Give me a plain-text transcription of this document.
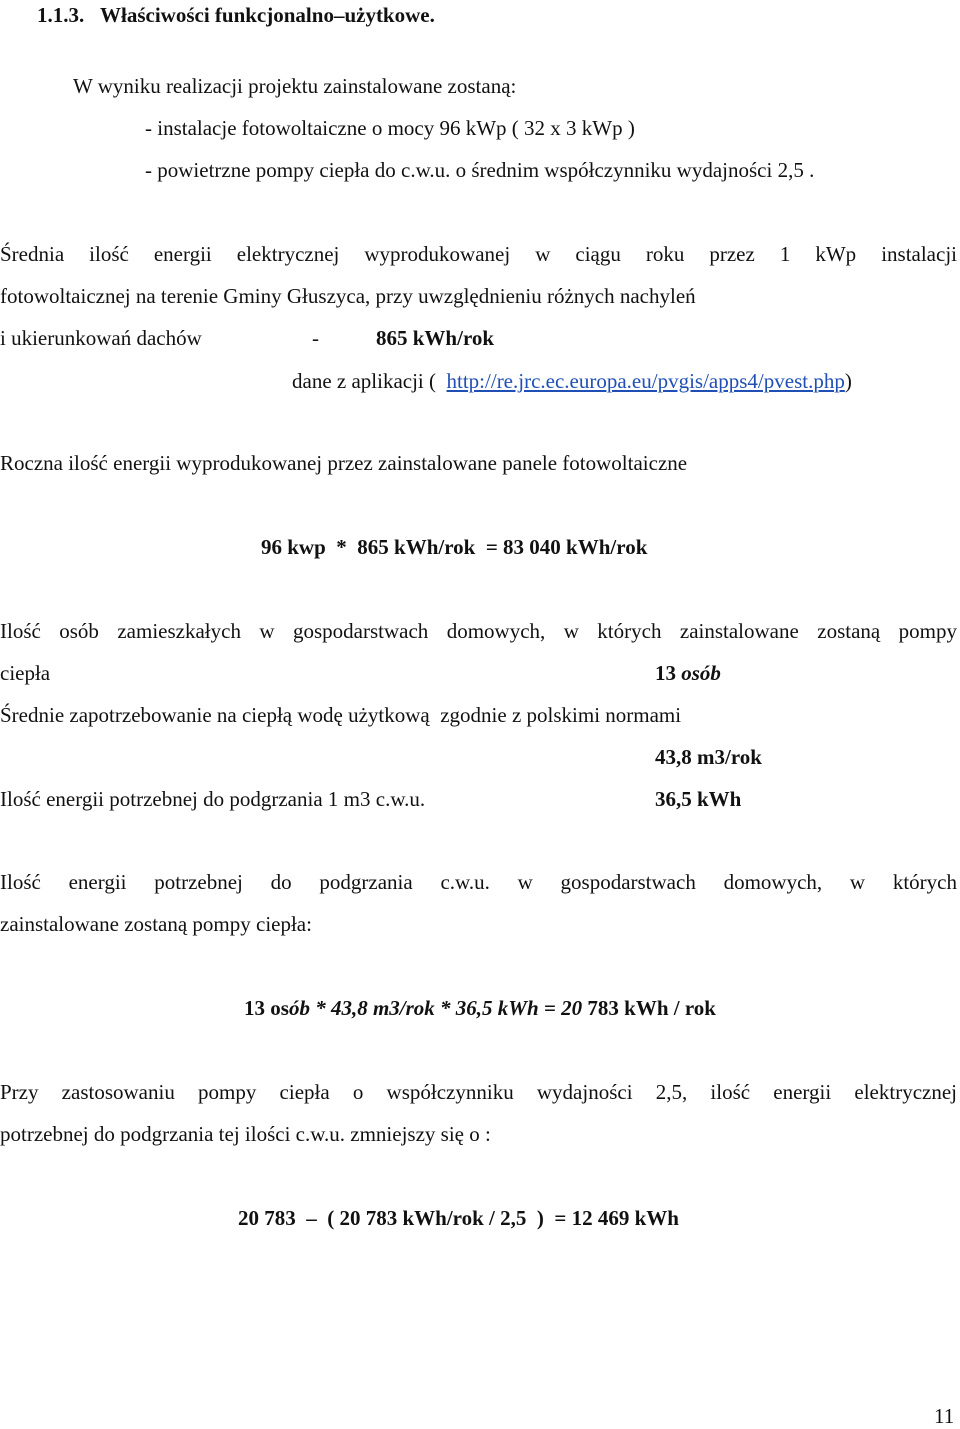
1.1.3. Właściwości funkcjonalno–użytkowe.
W wyniku realizacji projektu zainstalowane zostaną:
- instalacje fotowoltaiczne o mocy 96 kWp ( 32 x 3 kWp )
- powietrzne pompy ciepła do c.w.u. o średnim współczynniku wydajności 2,5 .
Średnia ilość energii elektrycznej wyprodukowanej w ciągu roku przez 1 kWp instalacji
fotowoltaicznej na terenie Gminy Głuszyca, przy uwzględnieniu różnych nachyleń
i ukierunkowań dachów	-	865 kWh/rok
dane z aplikacji ( http://re.jrc.ec.europa.eu/pvgis/apps4/pvest.php)
Roczna ilość energii wyprodukowanej przez zainstalowane panele fotowoltaiczne
96 kwp  *  865 kWh/rok  = 83 040 kWh/rok
Ilość osób zamieszkałych w gospodarstwach domowych, w których zainstalowane zostaną pompy
ciepła	13 osób
Średnie zapotrzebowanie na ciepłą wodę użytkową  zgodnie z polskimi normami
43,8 m3/rok
Ilość energii potrzebnej do podgrzania 1 m3 c.w.u.	36,5 kWh
Ilość energii potrzebnej do podgrzania c.w.u. w gospodarstwach domowych, w których
zainstalowane zostaną pompy ciepła:
13 osób * 43,8 m3/rok * 36,5 kWh = 20 783 kWh / rok
Przy zastosowaniu pompy ciepła o współczynniku wydajności 2,5, ilość energii elektrycznej
potrzebnej do podgrzania tej ilości c.w.u. zmniejszy się o :
20 783  –  ( 20 783 kWh/rok / 2,5  )  = 12 469 kWh
11
